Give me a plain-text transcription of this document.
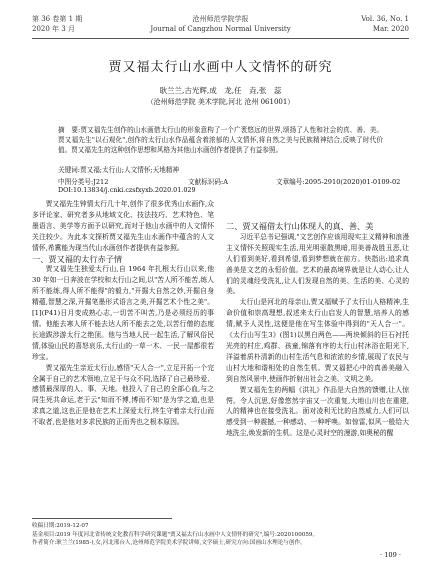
第 36 卷第 1 期
2020 年 3 月
沧州师范学院学报
Journal of Cangzhou Normal University
Vol. 36, No. 1
Mar. 2020
贾又福太行山水画中人文情怀的研究
耿兰兰,古光辉,成　龙,任　垚,张　蕊
（沧州师范学院 美术学院,河北 沧州 061001）
摘　要:贾又福先生创作的山水画借太行山的形象意构了一个广袤悠远的世界,颂扬了人性和社会的真、善、美。贾又福先生"以石观化",创作的太行山水作品蕴含着浓郁的人文情怀,将自然之美与民族精神结合,反映了时代价值。贾又福先生的这种创作思想和风格为其他山水画创作者提供了有益参照。
关键词:贾又福;太行山;人文情怀;天地精神
中图分类号:J212	文献标识码:A	文章编号:2095-2910(2020)01-0109-02
DOI:10.13834/j.cnki.czsfxyxb.2020.01.029

贾又福先生钟情太行几十年,创作了很多优秀山水画作,众多评论家、研究者多从地域文化、技法技巧、艺术特色、笔墨语言、美学等方面予以研究,而对于他山水画中的人文情怀关注较少。为此本文探析贾又福先生山水画作中蕴含的人文情怀,希冀能为现当代山水画创作者提供有益参照。

一、贾又福的太行赤子情

贾又福先生独爱太行山,自 1964 年扎根太行山以来,他 30 年如一日奔波在学校和太行山之间,以"苦人所不能苦,练人所不能练,得人所不能得"的毅力,"开掘大自然之妙,开掘自身精蕴,智慧之深,开掘笔墨形式语言之美,开掘艺术个性之美"。[1](P41)日月变成熟心志,一切苦不叫苦,乃是必须经历的事情。他能去寒人所不能去达人所不能去之处,以苦行僧的态度长途跋涉游太行之绝顶。他与当地人民一起生活,了解风俗民情,体验山民的喜怒哀乐,太行山的一草一木、一民一屋都很若珍宝。

贾又福先生亲近太行山,感悟"天人合一",立足开拓一个完全属于自己的艺术领地,立足于与众不同,选择了自己最珍爱、感情最深厚的人、事、天地。他投入了自己的全部心血,与之同生死共命运,老于云"知而不博,博而不知"是为学之道,也是求真之道,这也正是他在艺术上深爱太行,终生守着亲太行山而不取者,也是他对多求民族的正而秀也之根本原因。

二、贾又福借太行山体现人的真、善、美

习近平总书记强调,"文艺创作应该用现实主义精神和浪漫主义情怀关照现实生活,用光明驱散黑暗,用美善战胜丑恶,让人们看到美好,看到希望,看到梦想就在前方。快指出:追求真善美是文艺的永恒价值。艺术的最高境界就是让人动心,让人们的灵魂经受洗礼,让人们发现自然的美、生活的美、心灵的美。

太行山是河北的母亲山,贾又福赋予了太行山人格精神,生命价值和崇高理想,叔述来太行山启发人的智慧,培养人的感情,赋予人灵性,这便是他在写生体验中得到的"天人合一"。《太行山写生3》(图1)以黑白两色——两块倾斜的巨石衬托光亮的村庄,鸡群、孩童,锦落有序的太行山村沐浴在阳光下,洋溢着质朴清新的山村生活气息和浓浓的乡情,展现了农民与山村大地和谐相处的自然生机。贾又福把心中的真善美融入到自然风景中,使画作折射出社会之美、文明之美。

贾又福先生的两幅《洪礼》作品是大自然的馈赠,让人惊愕。令人沉思,好像悠然宇宙又一次重复,大地山川也在重建,人的精神也在接受洗礼。面对凌利无比的自然威力,人们可以感受到一种震撼,一种感动、一种呼唤。如惊雷,似风一般给大地洗尘,焕发新的生机。这是心灵时空的漫游,如奥秘的醒

收稿日期:2019-12-07
基金项目:2019 年度河北省传统文化教育科学研究课题"贾又福太行山水画中人文情怀的研究",编号:2020100059。
作者简介:耿兰兰(1985-),女,河北邢台人,沧州师范学院美术学院讲师,文学硕士,研究方向:国画山水理论与创作。
· 109 ·
